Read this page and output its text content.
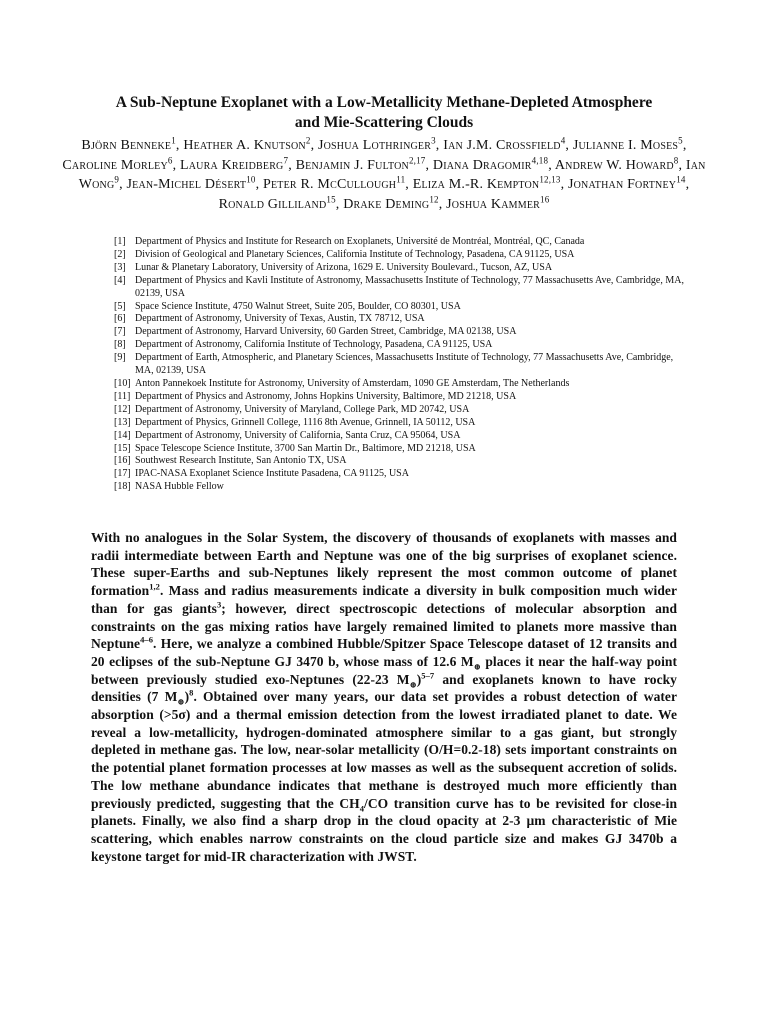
A Sub-Neptune Exoplanet with a Low-Metallicity Methane-Depleted Atmosphere
and Mie-Scattering Clouds
Björn Benneke$^1$, Heather A. Knutson$^2$, Joshua Lothringer$^3$, Ian J.M. Crossfield$^4$, Julianne I. Moses$^5$, Caroline Morley$^6$, Laura Kreidberg$^7$, Benjamin J. Fulton$^{2,17}$, Diana Dragomir$^{4,18}$, Andrew W. Howard$^8$, Ian Wong$^9$, Jean-Michel Désert$^{10}$, Peter R. McCullough$^{11}$, Eliza M.-R. Kempton$^{12,13}$, Jonathan Fortney$^{14}$, Ronald Gilliland$^{15}$, Drake Deming$^{12}$, Joshua Kammer$^{16}$
[1] Department of Physics and Institute for Research on Exoplanets, Université de Montréal, Montréal, QC, Canada
[2] Division of Geological and Planetary Sciences, California Institute of Technology, Pasadena, CA 91125, USA
[3] Lunar & Planetary Laboratory, University of Arizona, 1629 E. University Boulevard., Tucson, AZ, USA
[4] Department of Physics and Kavli Institute of Astronomy, Massachusetts Institute of Technology, 77 Massachusetts Ave, Cambridge, MA, 02139, USA
[5] Space Science Institute, 4750 Walnut Street, Suite 205, Boulder, CO 80301, USA
[6] Department of Astronomy, University of Texas, Austin, TX 78712, USA
[7] Department of Astronomy, Harvard University, 60 Garden Street, Cambridge, MA 02138, USA
[8] Department of Astronomy, California Institute of Technology, Pasadena, CA 91125, USA
[9] Department of Earth, Atmospheric, and Planetary Sciences, Massachusetts Institute of Technology, 77 Massachusetts Ave, Cambridge, MA, 02139, USA
[10] Anton Pannekoek Institute for Astronomy, University of Amsterdam, 1090 GE Amsterdam, The Netherlands
[11] Department of Physics and Astronomy, Johns Hopkins University, Baltimore, MD 21218, USA
[12] Department of Astronomy, University of Maryland, College Park, MD 20742, USA
[13] Department of Physics, Grinnell College, 1116 8th Avenue, Grinnell, IA 50112, USA
[14] Department of Astronomy, University of California, Santa Cruz, CA 95064, USA
[15] Space Telescope Science Institute, 3700 San Martin Dr., Baltimore, MD 21218, USA
[16] Southwest Research Institute, San Antonio TX, USA
[17] IPAC-NASA Exoplanet Science Institute Pasadena, CA 91125, USA
[18] NASA Hubble Fellow
With no analogues in the Solar System, the discovery of thousands of exoplanets with masses and radii intermediate between Earth and Neptune was one of the big surprises of exoplanet science. These super-Earths and sub-Neptunes likely represent the most common outcome of planet formation$^{1,2}$. Mass and radius measurements indicate a diversity in bulk composition much wider than for gas giants$^3$; however, direct spectroscopic detections of molecular absorption and constraints on the gas mixing ratios have largely remained limited to planets more massive than Neptune$^{4-6}$. Here, we analyze a combined Hubble/Spitzer Space Telescope dataset of 12 transits and 20 eclipses of the sub-Neptune GJ 3470 b, whose mass of 12.6 $M_\oplus$ places it near the half-way point between previously studied exo-Neptunes (22-23 $M_\oplus)^{5-7}$ and exoplanets known to have rocky densities (7 $M_\oplus)^8$. Obtained over many years, our data set provides a robust detection of water absorption (>5σ) and a thermal emission detection from the lowest irradiated planet to date. We reveal a low-metallicity, hydrogen-dominated atmosphere similar to a gas giant, but strongly depleted in methane gas. The low, near-solar metallicity (O/H=0.2-18) sets important constraints on the potential planet formation processes at low masses as well as the subsequent accretion of solids. The low methane abundance indicates that methane is destroyed much more efficiently than previously predicted, suggesting that the $CH_4/CO$ transition curve has to be revisited for close-in planets. Finally, we also find a sharp drop in the cloud opacity at 2-3 µm characteristic of Mie scattering, which enables narrow constraints on the cloud particle size and makes GJ 3470b a keystone target for mid-IR characterization with JWST.
